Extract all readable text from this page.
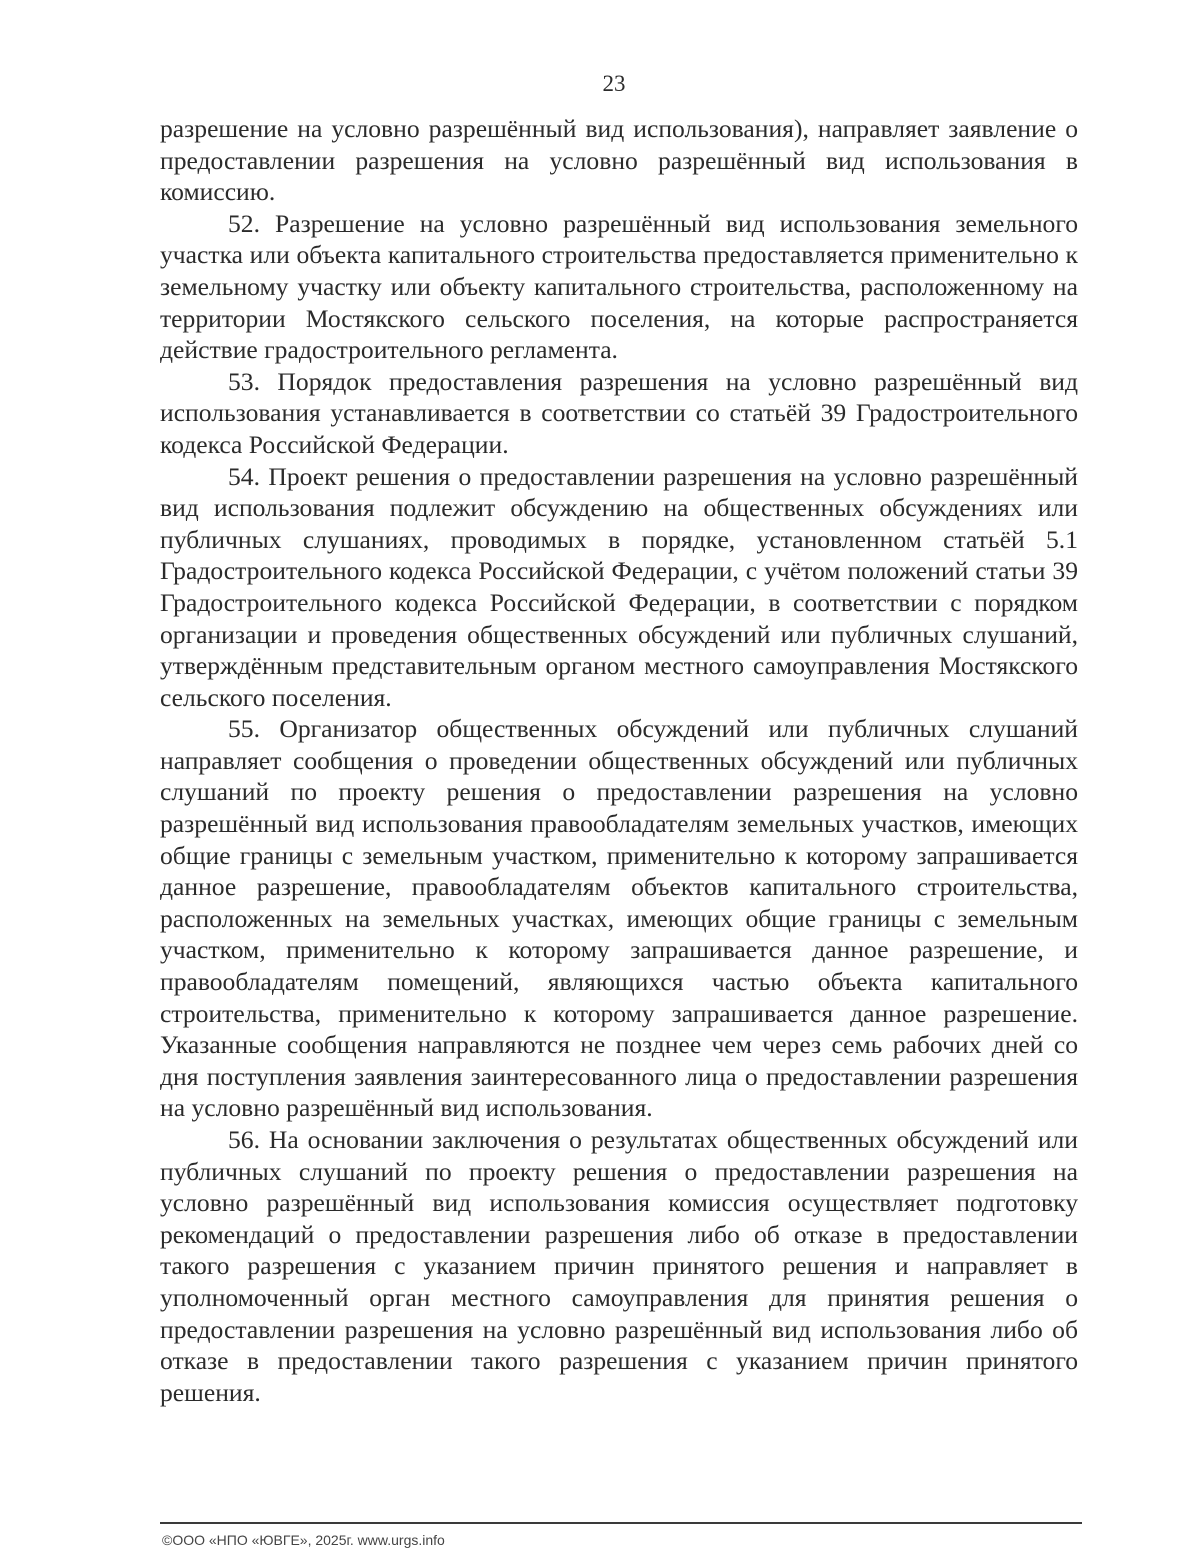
23

разрешение на условно разрешённый вид использования), направляет заявление о предоставлении разрешения на условно разрешённый вид использования в комиссию.

52. Разрешение на условно разрешённый вид использования земельного участка или объекта капитального строительства предоставляется применительно к земельному участку или объекту капитального строительства, расположенному на территории Мостякского сельского поселения, на которые распространяется действие градостроительного регламента.

53. Порядок предоставления разрешения на условно разрешённый вид использования устанавливается в соответствии со статьёй 39 Градостроительного кодекса Российской Федерации.

54. Проект решения о предоставлении разрешения на условно разрешённый вид использования подлежит обсуждению на общественных обсуждениях или публичных слушаниях, проводимых в порядке, установленном статьёй 5.1 Градостроительного кодекса Российской Федерации, с учётом положений статьи 39 Градостроительного кодекса Российской Федерации, в соответствии с порядком организации и проведения общественных обсуждений или публичных слушаний, утверждённым представительным органом местного самоуправления Мостякского сельского поселения.

55. Организатор общественных обсуждений или публичных слушаний направляет сообщения о проведении общественных обсуждений или публичных слушаний по проекту решения о предоставлении разрешения на условно разрешённый вид использования правообладателям земельных участков, имеющих общие границы с земельным участком, применительно к которому запрашивается данное разрешение, правообладателям объектов капитального строительства, расположенных на земельных участках, имеющих общие границы с земельным участком, применительно к которому запрашивается данное разрешение, и правообладателям помещений, являющихся частью объекта капитального строительства, применительно к которому запрашивается данное разрешение. Указанные сообщения направляются не позднее чем через семь рабочих дней со дня поступления заявления заинтересованного лица о предоставлении разрешения на условно разрешённый вид использования.

56. На основании заключения о результатах общественных обсуждений или публичных слушаний по проекту решения о предоставлении разрешения на условно разрешённый вид использования комиссия осуществляет подготовку рекомендаций о предоставлении разрешения либо об отказе в предоставлении такого разрешения с указанием причин принятого решения и направляет в уполномоченный орган местного самоуправления для принятия решения о предоставлении разрешения на условно разрешённый вид использования либо об отказе в предоставлении такого разрешения с указанием причин принятого решения.

©ООО «НПО «ЮВГЕ», 2025г. www.urgs.info
